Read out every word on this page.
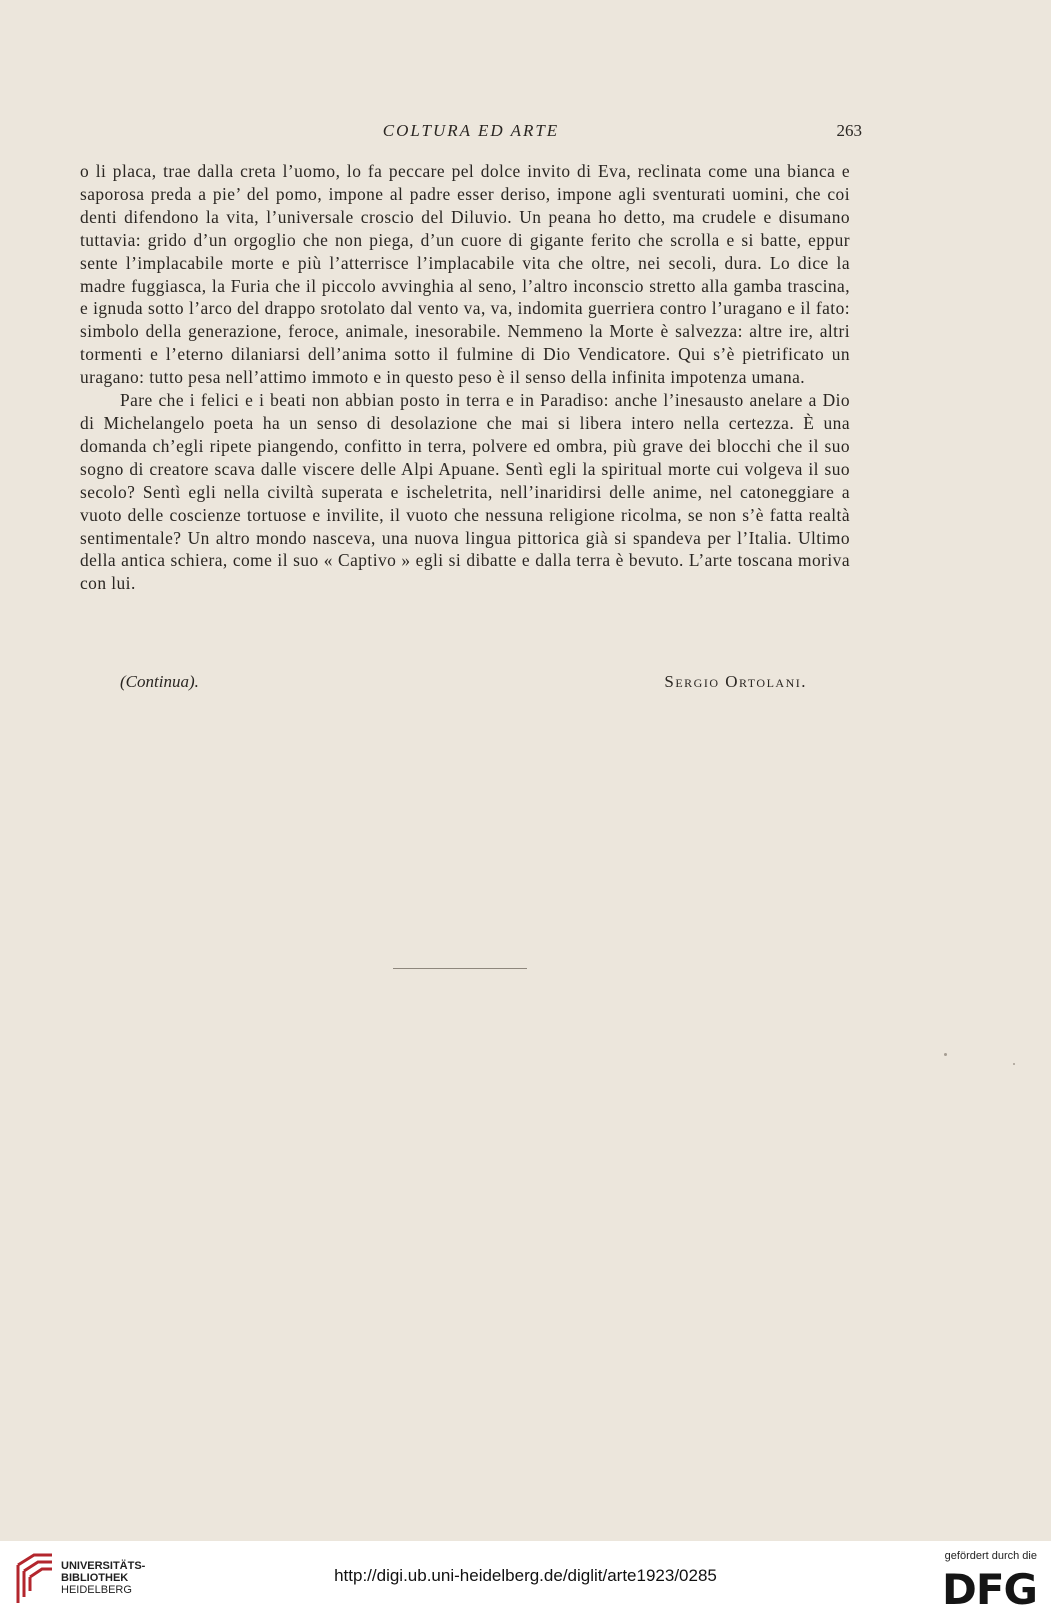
COLTURA ED ARTE	263

o li placa, trae dalla creta l’uomo, lo fa peccare pel dolce invito di Eva, reclinata come una bianca e saporosa preda a pie’ del pomo, impone al padre esser deriso, impone agli sventurati uomini, che coi denti difendono la vita, l’universale croscio del Diluvio. Un peana ho detto, ma crudele e disumano tuttavia: grido d’un orgoglio che non piega, d’un cuore di gigante ferito che scrolla e si batte, eppur sente l’implacabile morte e più l’atterrisce l’implacabile vita che oltre, nei secoli, dura. Lo dice la madre fuggiasca, la Furia che il piccolo avvinghia al seno, l’altro inconscio stretto alla gamba trascina, e ignuda sotto l’arco del drappo srotolato dal vento va, va, indomita guerriera contro l’uragano e il fato: simbolo della generazione, feroce, animale, inesorabile. Nemmeno la Morte è salvezza: altre ire, altri tormenti e l’eterno dilaniarsi dell’anima sotto il fulmine di Dio Vendicatore. Qui s’è pietrificato un uragano: tutto pesa nell’attimo immoto e in questo peso è il senso della infinita impotenza umana.

Pare che i felici e i beati non abbian posto in terra e in Paradiso: anche l’inesausto anelare a Dio di Michelangelo poeta ha un senso di desolazione che mai si libera intero nella certezza. È una domanda ch’egli ripete piangendo, confitto in terra, polvere ed ombra, più grave dei blocchi che il suo sogno di creatore scava dalle viscere delle Alpi Apuane. Sentì egli la spiritual morte cui volgeva il suo secolo? Sentì egli nella civiltà superata e ischeletrita, nell’inaridirsi delle anime, nel catoneggiare a vuoto delle coscienze tortuose e invilite, il vuoto che nessuna religione ricolma, se non s’è fatta realtà sentimentale? Un altro mondo nasceva, una nuova lingua pittorica già si spandeva per l’Italia. Ultimo della antica schiera, come il suo « Captivo » egli si dibatte e dalla terra è bevuto. L’arte toscana moriva con lui.

(Continua).	Sergio Ortolani.
UNIVERSITÄTS-
BIBLIOTHEK
HEIDELBERG
http://digi.ub.uni-heidelberg.de/diglit/arte1923/0285
gefördert durch die
DFG
